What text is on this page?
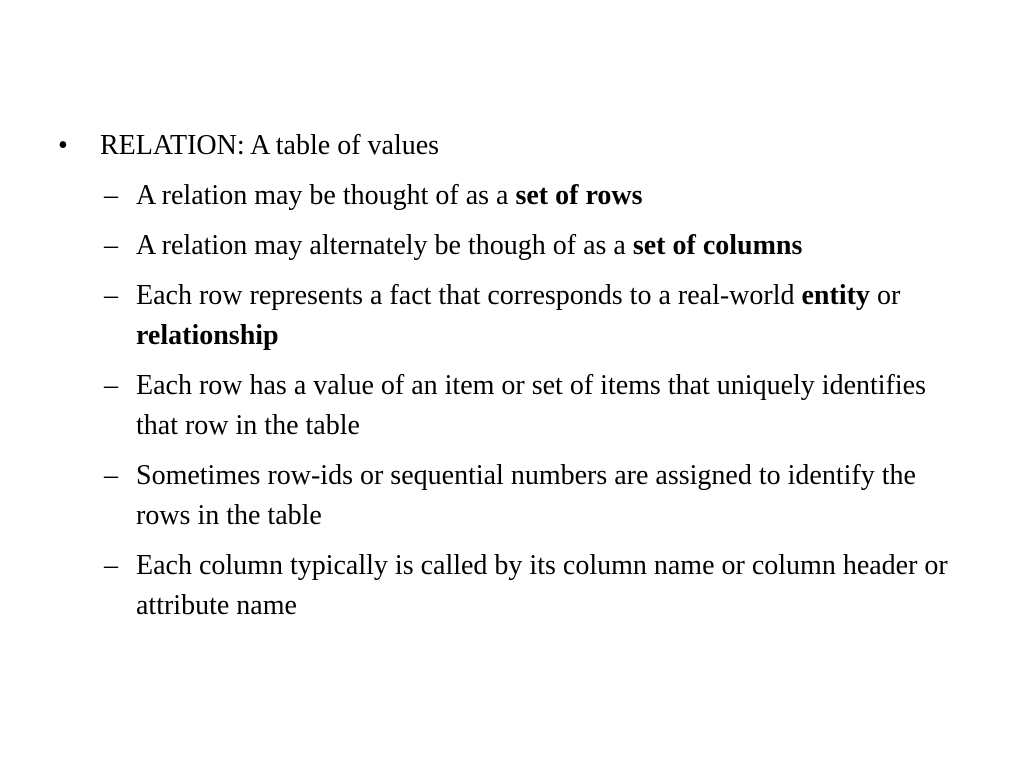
• RELATION: A table of values
– A relation may be thought of as a set of rows
– A relation may alternately be though of as a set of columns
– Each row represents a fact that corresponds to a real-world entity or relationship
– Each row has a value of an item or set of items that uniquely identifies that row in the table
– Sometimes row-ids or sequential numbers are assigned to identify the rows in the table
– Each column typically is called by its column name or column header or attribute name
